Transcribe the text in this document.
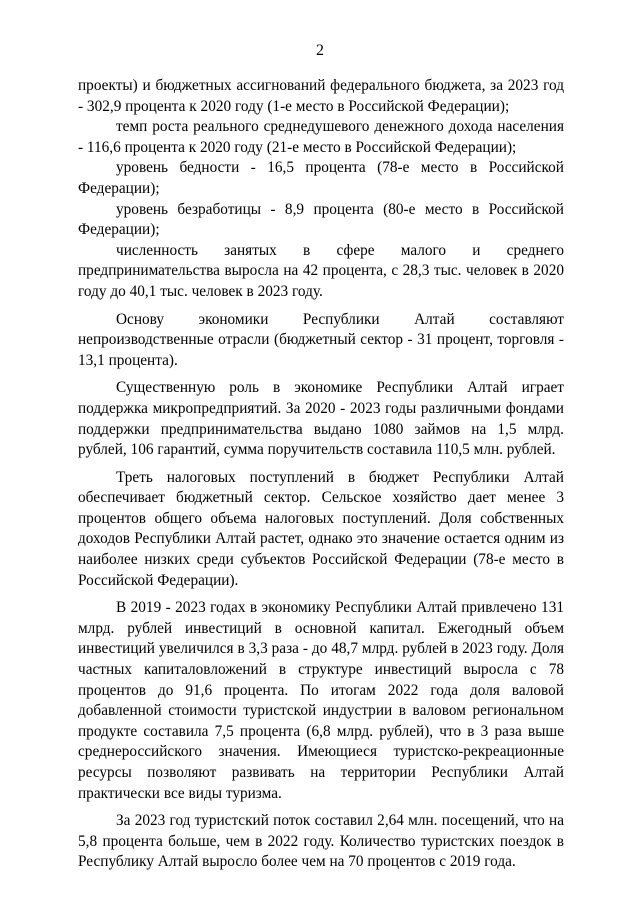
2

проекты) и бюджетных ассигнований федерального бюджета, за 2023 год - 302,9 процента к 2020 году (1-е место в Российской Федерации);

темп роста реального среднедушевого денежного дохода населения - 116,6 процента к 2020 году (21-е место в Российской Федерации);

уровень бедности - 16,5 процента (78-е место в Российской Федерации);

уровень безработицы - 8,9 процента (80-е место в Российской Федерации);

численность занятых в сфере малого и среднего предпринимательства выросла на 42 процента, с 28,3 тыс. человек в 2020 году до 40,1 тыс. человек в 2023 году.

Основу экономики Республики Алтай составляют непроизводственные отрасли (бюджетный сектор - 31 процент, торговля - 13,1 процента).

Существенную роль в экономике Республики Алтай играет поддержка микропредприятий. За 2020 - 2023 годы различными фондами поддержки предпринимательства выдано 1080 займов на 1,5 млрд. рублей, 106 гарантий, сумма поручительств составила 110,5 млн. рублей.

Треть налоговых поступлений в бюджет Республики Алтай обеспечивает бюджетный сектор. Сельское хозяйство дает менее 3 процентов общего объема налоговых поступлений. Доля собственных доходов Республики Алтай растет, однако это значение остается одним из наиболее низких среди субъектов Российской Федерации (78-е место в Российской Федерации).

В 2019 - 2023 годах в экономику Республики Алтай привлечено 131 млрд. рублей инвестиций в основной капитал. Ежегодный объем инвестиций увеличился в 3,3 раза - до 48,7 млрд. рублей в 2023 году. Доля частных капиталовложений в структуре инвестиций выросла с 78 процентов до 91,6 процента. По итогам 2022 года доля валовой добавленной стоимости туристской индустрии в валовом региональном продукте составила 7,5 процента (6,8 млрд. рублей), что в 3 раза выше среднероссийского значения. Имеющиеся туристско-рекреационные ресурсы позволяют развивать на территории Республики Алтай практически все виды туризма.

За 2023 год туристский поток составил 2,64 млн. посещений, что на 5,8 процента больше, чем в 2022 году. Количество туристских поездок в Республику Алтай выросло более чем на 70 процентов с 2019 года.
